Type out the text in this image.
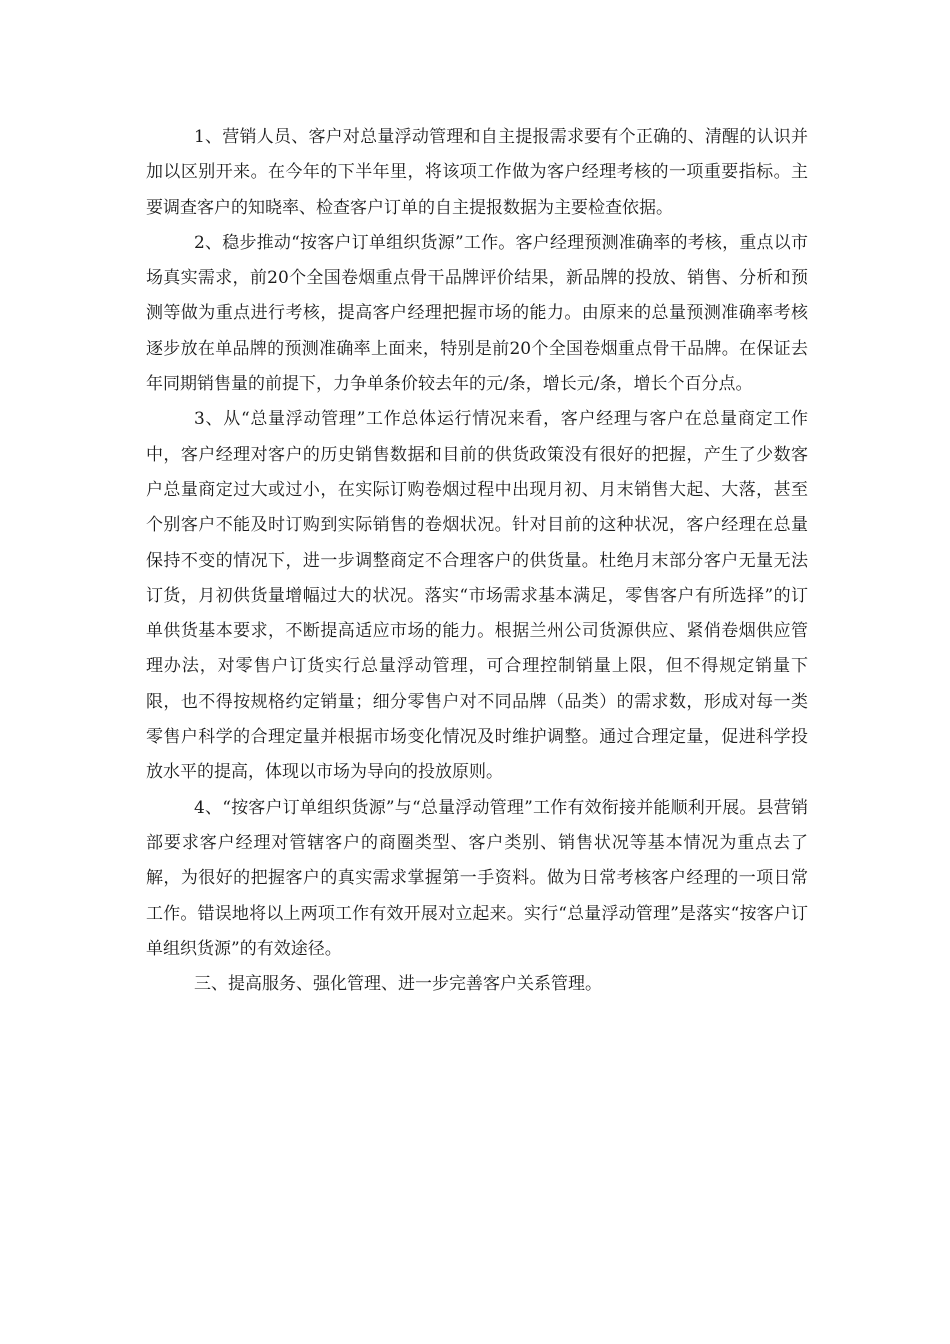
1、营销人员、客户对总量浮动管理和自主提报需求要有个正确的、清醒的认识并加以区别开来。在今年的下半年里，将该项工作做为客户经理考核的一项重要指标。主要调查客户的知晓率、检查客户订单的自主提报数据为主要检查依据。

2、稳步推动“按客户订单组织货源”工作。客户经理预测准确率的考核，重点以市场真实需求，前20个全国卷烟重点骨干品牌评价结果，新品牌的投放、销售、分析和预测等做为重点进行考核，提高客户经理把握市场的能力。由原来的总量预测准确率考核逐步放在单品牌的预测准确率上面来，特别是前20个全国卷烟重点骨干品牌。在保证去年同期销售量的前提下，力争单条价较去年的元/条，增长元/条，增长个百分点。

3、从“总量浮动管理”工作总体运行情况来看，客户经理与客户在总量商定工作中，客户经理对客户的历史销售数据和目前的供货政策没有很好的把握，产生了少数客户总量商定过大或过小，在实际订购卷烟过程中出现月初、月末销售大起、大落，甚至个别客户不能及时订购到实际销售的卷烟状况。针对目前的这种状况，客户经理在总量保持不变的情况下，进一步调整商定不合理客户的供货量。杜绝月末部分客户无量无法订货，月初供货量增幅过大的状况。落实“市场需求基本满足，零售客户有所选择”的订单供货基本要求，不断提高适应市场的能力。根据兰州公司货源供应、紧俏卷烟供应管理办法，对零售户订货实行总量浮动管理，可合理控制销量上限，但不得规定销量下限，也不得按规格约定销量；细分零售户对不同品牌（品类）的需求数，形成对每一类零售户科学的合理定量并根据市场变化情况及时维护调整。通过合理定量，促进科学投放水平的提高，体现以市场为导向的投放原则。

4、“按客户订单组织货源”与“总量浮动管理”工作有效衔接并能顺利开展。县营销部要求客户经理对管辖客户的商圈类型、客户类别、销售状况等基本情况为重点去了解，为很好的把握客户的真实需求掌握第一手资料。做为日常考核客户经理的一项日常工作。错误地将以上两项工作有效开展对立起来。实行“总量浮动管理”是落实“按客户订单组织货源”的有效途径。

三、提高服务、强化管理、进一步完善客户关系管理。
